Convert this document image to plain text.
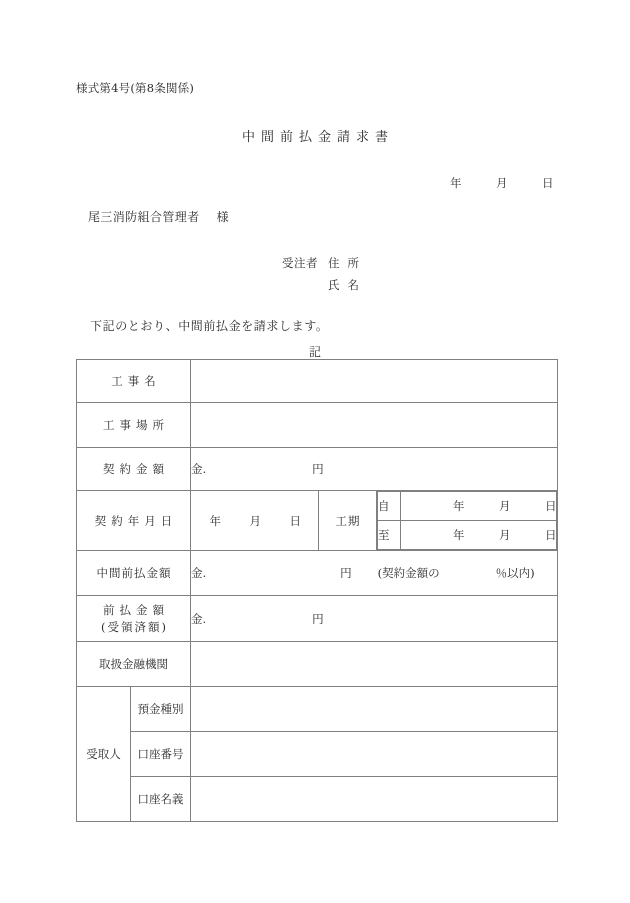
様式第4号(第8条関係)
中間前払金請求書
年	月	日
尾三消防組合管理者 様
受注者 住所
氏名
下記のとおり、中間前払金を請求します。
記
工事名	
工事場所	
契約金額	金.	円
契約年月日	年 月 日	工期	
自	年	月	日
至	年	月	日

中間前払金額	金.	円 (契約金額の	％以内)

前払金額
(受領済額)
	金.	円
取扱金融機関	
受取人	預金種別	
口座番号	
口座名義	
